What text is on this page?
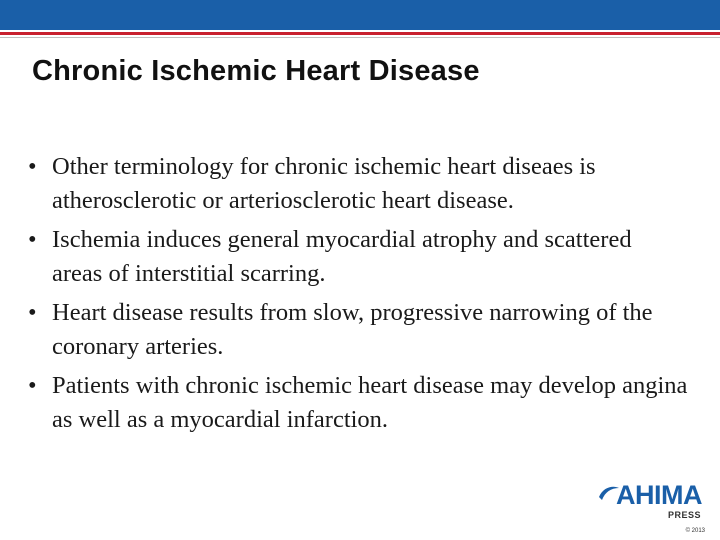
Chronic Ischemic Heart Disease
• Other terminology for chronic ischemic heart diseaes is atherosclerotic or arteriosclerotic heart disease.
• Ischemia induces general myocardial atrophy and scattered areas of interstitial scarring.
• Heart disease results from slow, progressive narrowing of the coronary arteries.
• Patients with chronic ischemic heart disease may develop angina as well as a myocardial infarction.
AHIMA
PRESS
© 2013
